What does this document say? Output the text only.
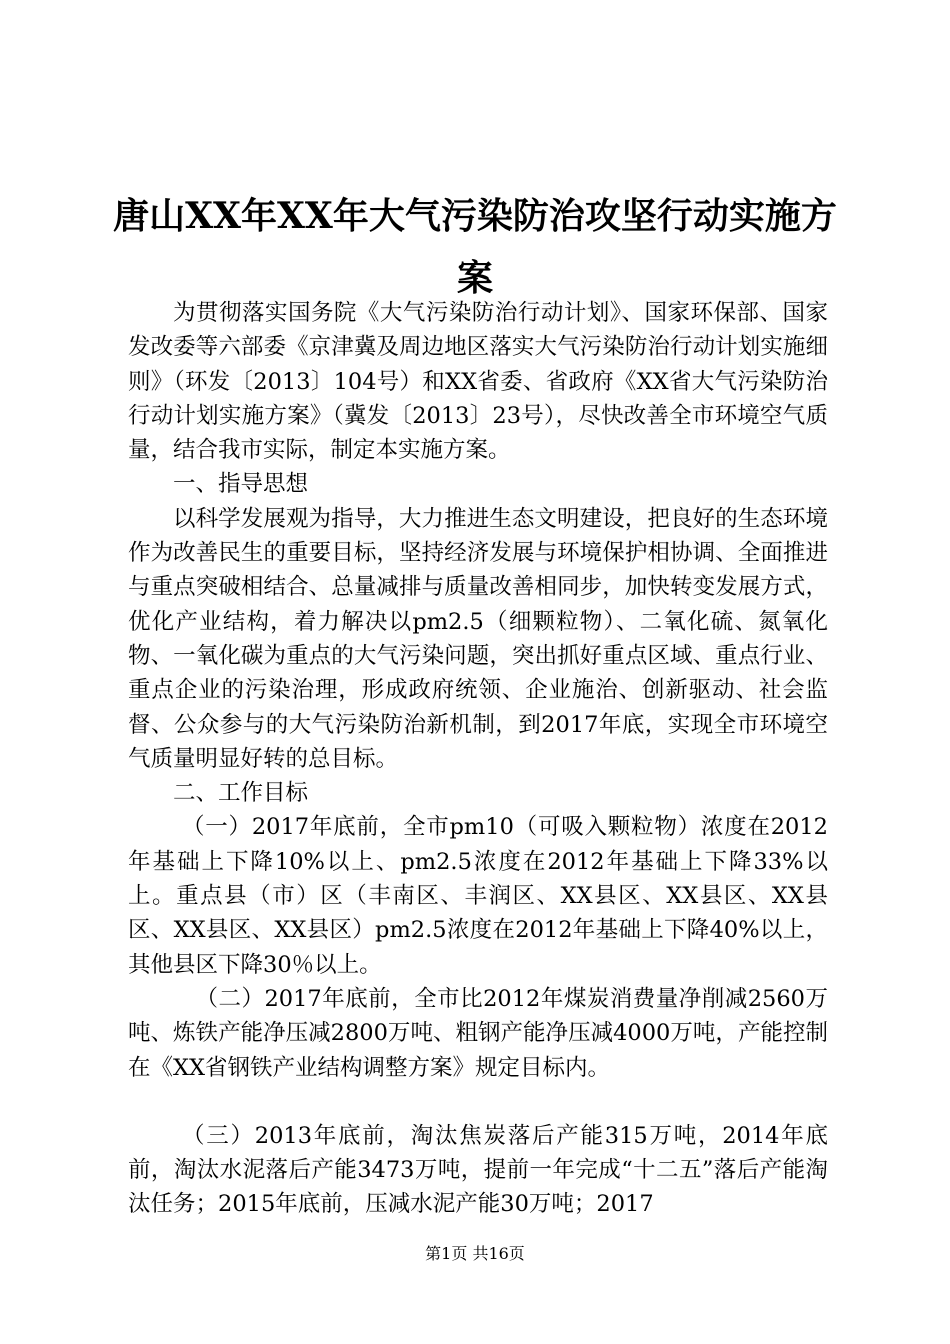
唐山XX年XX年大气污染防治攻坚行动实施方案

为贯彻落实国务院《大气污染防治行动计划》、国家环保部、国家发改委等六部委《京津冀及周边地区落实大气污染防治行动计划实施细则》（环发〔2013〕104号）和XX省委、省政府《XX省大气污染防治行动计划实施方案》（冀发〔2013〕23号），尽快改善全市环境空气质量，结合我市实际，制定本实施方案。

一、指导思想

以科学发展观为指导，大力推进生态文明建设，把良好的生态环境作为改善民生的重要目标，坚持经济发展与环境保护相协调、全面推进与重点突破相结合、总量减排与质量改善相同步，加快转变发展方式，优化产业结构，着力解决以pm2.5（细颗粒物）、二氧化硫、氮氧化物、一氧化碳为重点的大气污染问题，突出抓好重点区域、重点行业、重点企业的污染治理，形成政府统领、企业施治、创新驱动、社会监督、公众参与的大气污染防治新机制，到2017年底，实现全市环境空气质量明显好转的总目标。

二、工作目标

（一）2017年底前，全市pm10（可吸入颗粒物）浓度在2012年基础上下降10%以上、pm2.5浓度在2012年基础上下降33%以上。重点县（市）区（丰南区、丰润区、XX县区、XX县区、XX县区、XX县区、XX县区）pm2.5浓度在2012年基础上下降40%以上，其他县区下降30％以上。

（二）2017年底前，全市比2012年煤炭消费量净削减2560万吨、炼铁产能净压减2800万吨、粗钢产能净压减4000万吨，产能控制在《XX省钢铁产业结构调整方案》规定目标内。

（三）2013年底前，淘汰焦炭落后产能315万吨，2014年底前，淘汰水泥落后产能3473万吨，提前一年完成“十二五”落后产能淘汰任务；2015年底前，压减水泥产能30万吨；2017

第1页 共16页
